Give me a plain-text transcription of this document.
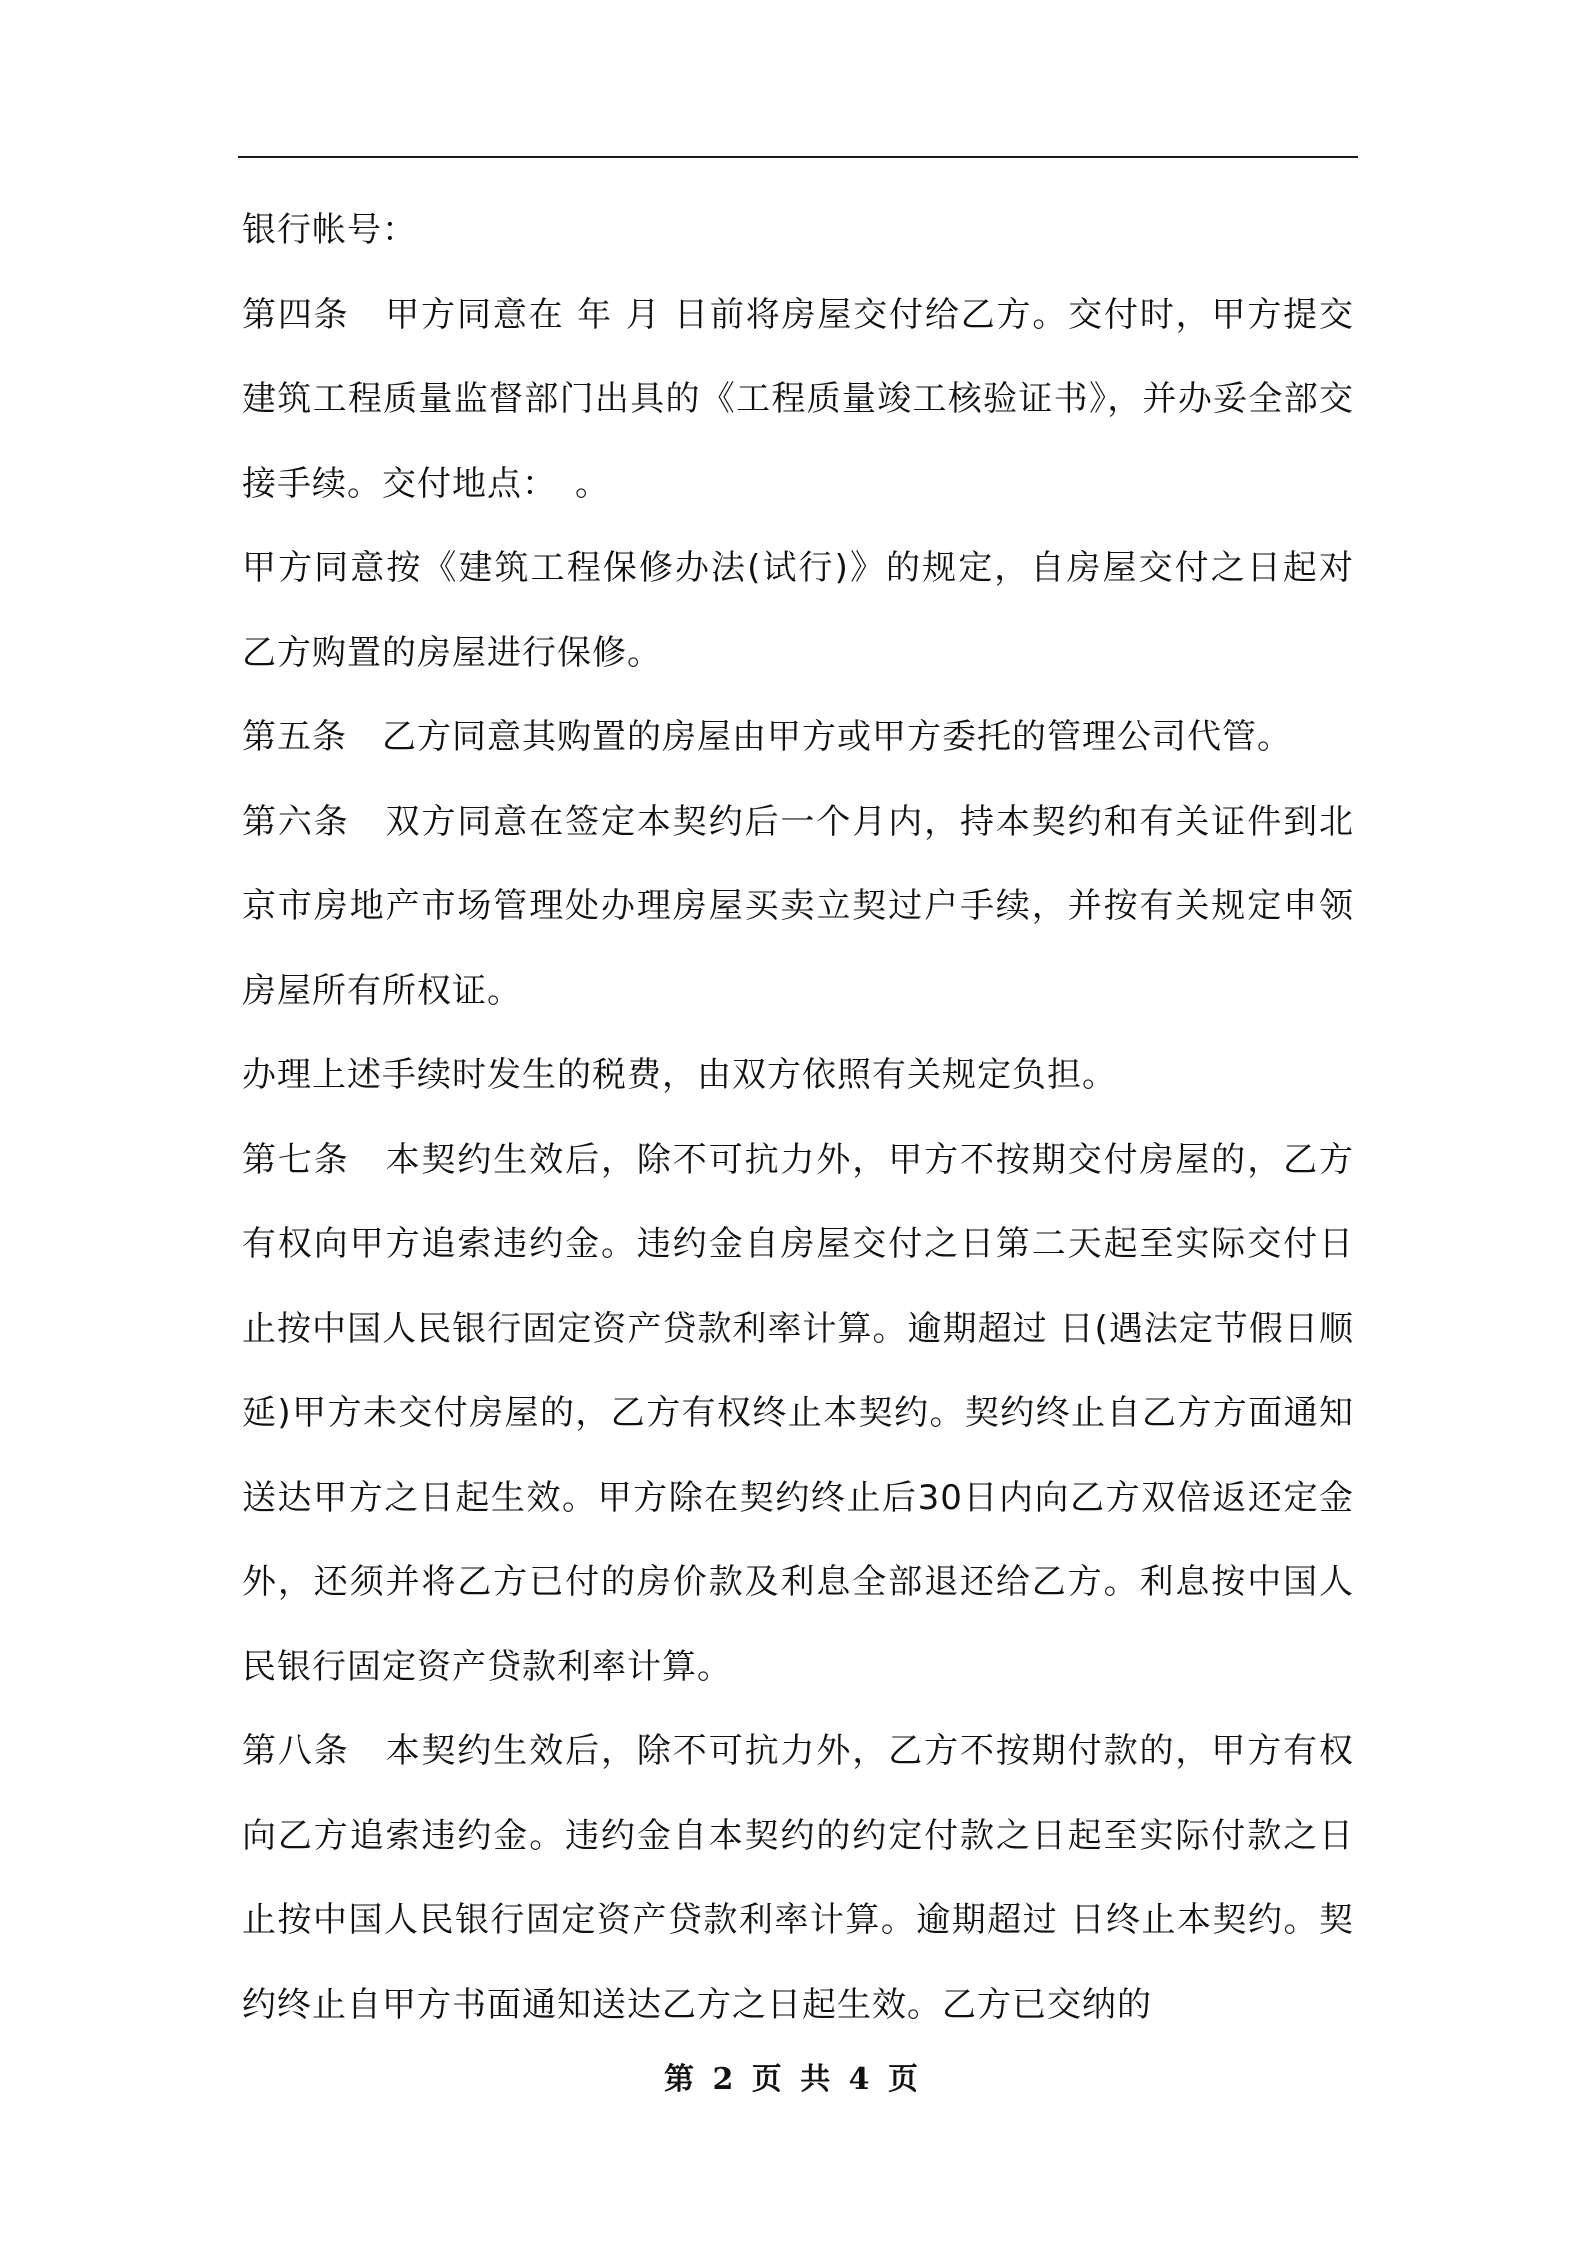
银行帐号：

第四条　甲方同意在 年 月 日前将房屋交付给乙方。交付时，甲方提交建筑工程质量监督部门出具的《工程质量竣工核验证书》，并办妥全部交接手续。交付地点：　。

甲方同意按《建筑工程保修办法(试行)》的规定，自房屋交付之日起对乙方购置的房屋进行保修。

第五条　乙方同意其购置的房屋由甲方或甲方委托的管理公司代管。

第六条　双方同意在签定本契约后一个月内，持本契约和有关证件到北京市房地产市场管理处办理房屋买卖立契过户手续，并按有关规定申领房屋所有所权证。

办理上述手续时发生的税费，由双方依照有关规定负担。

第七条　本契约生效后，除不可抗力外，甲方不按期交付房屋的，乙方有权向甲方追索违约金。违约金自房屋交付之日第二天起至实际交付日止按中国人民银行固定资产贷款利率计算。逾期超过 日(遇法定节假日顺延)甲方未交付房屋的，乙方有权终止本契约。契约终止自乙方方面通知送达甲方之日起生效。甲方除在契约终止后30日内向乙方双倍返还定金外，还须并将乙方已付的房价款及利息全部退还给乙方。利息按中国人民银行固定资产贷款利率计算。

第八条　本契约生效后，除不可抗力外，乙方不按期付款的，甲方有权向乙方追索违约金。违约金自本契约的约定付款之日起至实际付款之日止按中国人民银行固定资产贷款利率计算。逾期超过 日终止本契约。契约终止自甲方书面通知送达乙方之日起生效。乙方已交纳的

第 2 页 共 4 页
